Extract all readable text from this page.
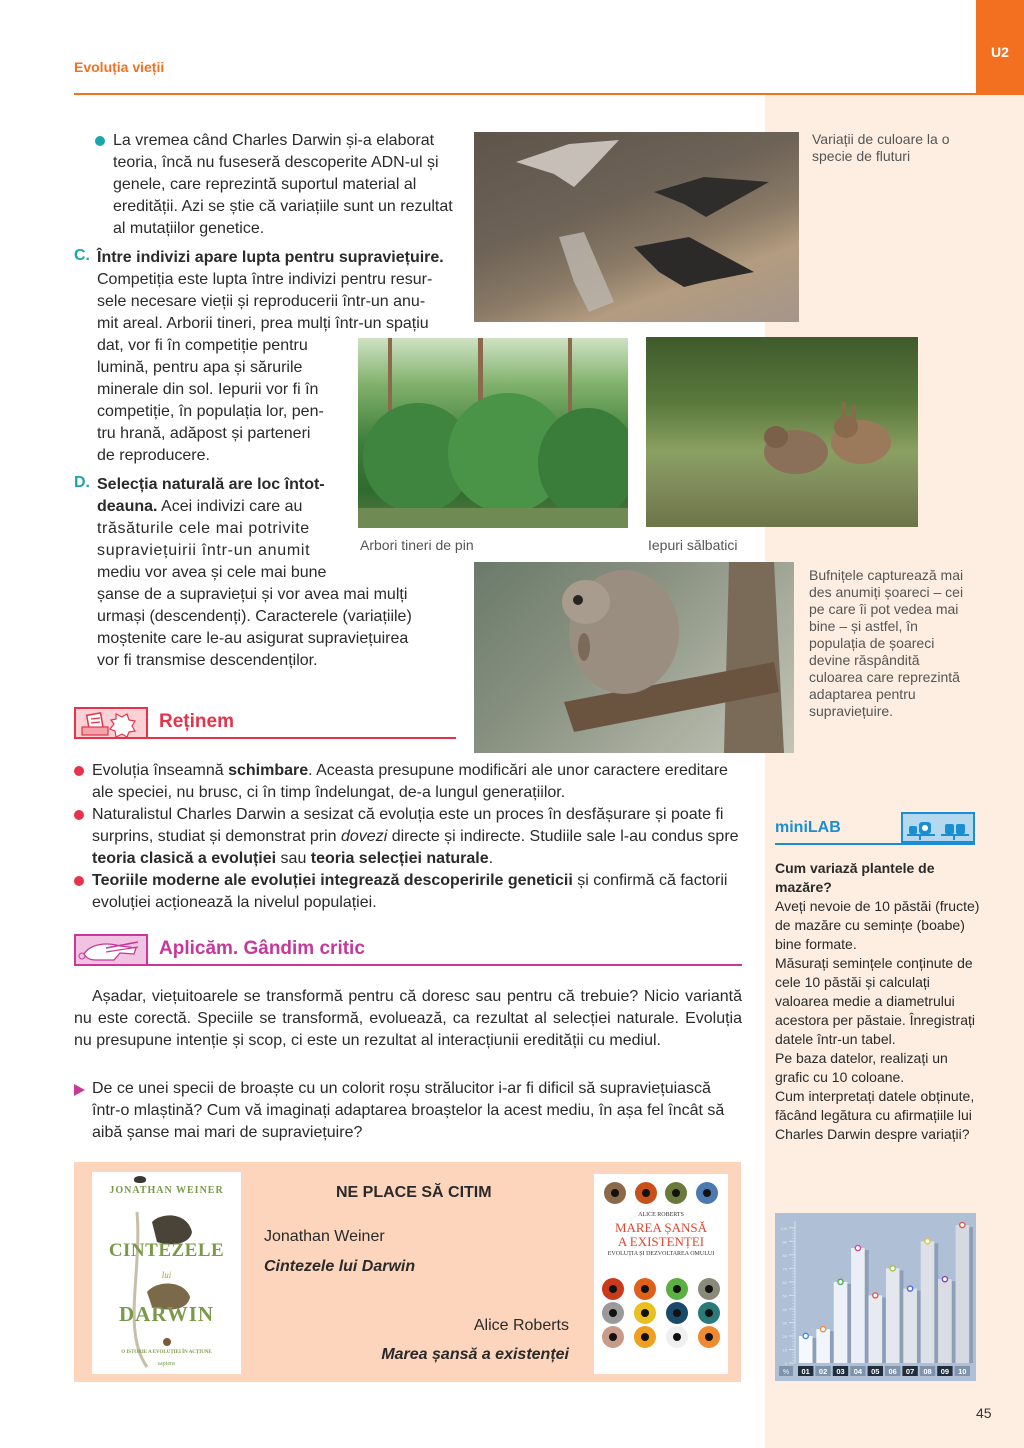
U2
Evoluția vieții
La vremea când Charles Darwin și-a elaborat teoria, încă nu fuseseră descoperite ADN-ul și genele, care reprezintă suportul material al eredității. Azi se știe că variațiile sunt un rezultat al mutațiilor genetice.
C. Între indivizi apare lupta pentru supraviețuire.
Competiția este lupta între indivizi pentru resur-
sele necesare vieții și reproducerii într-un anu-
mit areal. Arborii tineri, prea mulți într-un spațiu
dat, vor fi în competiție pentru
lumină, pentru apa și sărurile
minerale din sol. Iepurii vor fi în
competiție, în populația lor, pen-
tru hrană, adăpost și parteneri
de reproducere.
D. Selecția naturală are loc întot-
deauna. Acei indivizi care au
trăsăturile cele mai potrivite
supraviețuirii într-un anumit
mediu vor avea și cele mai bune
șanse de a supraviețui și vor avea mai mulți
urmași (descendenți). Caracterele (variațiile)
moștenite care le-au asigurat supraviețuirea
vor fi transmise descendenților.
Variații de culoare la o specie de fluturi
Arbori tineri de pin	Iepuri sălbatici
Bufnițele capturează mai des anumiți șoareci – cei pe care îi pot vedea mai bine – și astfel, în populația de șoareci devine răspândită culoarea care reprezintă adaptarea pentru supraviețuire.
Reținem
Evoluția înseamnă schimbare. Aceasta presupune modificări ale unor caractere ereditare ale speciei, nu brusc, ci în timp îndelungat, de-a lungul generațiilor.
Naturalistul Charles Darwin a sesizat că evoluția este un proces în desfășurare și poate fi surprins, studiat și demonstrat prin dovezi directe și indirecte. Studiile sale l-au condus spre teoria clasică a evoluției sau teoria selecției naturale.
Teoriile moderne ale evoluției integrează descoperirile geneticii și confirmă că factorii evoluției acționează la nivelul populației.
Aplicăm. Gândim critic
Așadar, viețuitoarele se transformă pentru că doresc sau pentru că trebuie? Nicio variantă nu este corectă. Speciile se transformă, evoluează, ca rezultat al selecției naturale. Evoluția nu presupune intenție și scop, ci este un rezultat al interacțiunii eredității cu mediul.
De ce unei specii de broaște cu un colorit roșu strălucitor i-ar fi dificil să supraviețuiască într-o mlaștină? Cum vă imaginați adaptarea broaștelor la acest mediu, în așa fel încât să aibă șanse mai mari de supraviețuire?
JONATHAN WEINER
CINTEZELE
lui
DARWIN
O ISTORIE A EVOLUȚIEI ÎN ACȚIUNE
sapiens
NE PLACE SĂ CITIM
Jonathan Weiner
Cintezele lui Darwin
Alice Roberts
Marea șansă a existenței
ALICE ROBERTS
MAREA ȘANSĂ
A EXISTENȚEI
EVOLUȚIA ȘI DEZVOLTAREA OMULUI
miniLAB
Cum variază plantele de mazăre?
Aveți nevoie de 10 păstăi (fructe) de mazăre cu semințe (boabe) bine formate.
Măsurați semințele conținute de cele 10 păstăi și calculați valoarea medie a diametrului acestora per păstaie. Înregistrați datele într-un tabel.
Pe baza datelor, realizați un grafic cu 10 coloane.
Cum interpretați datele obținute, făcând legătura cu afirmațiile lui Charles Darwin despre variații?
0
10
20
30
40
50
60
70
80
90
100
01 02 03 04 05 06 07 08 09 10
%
45
